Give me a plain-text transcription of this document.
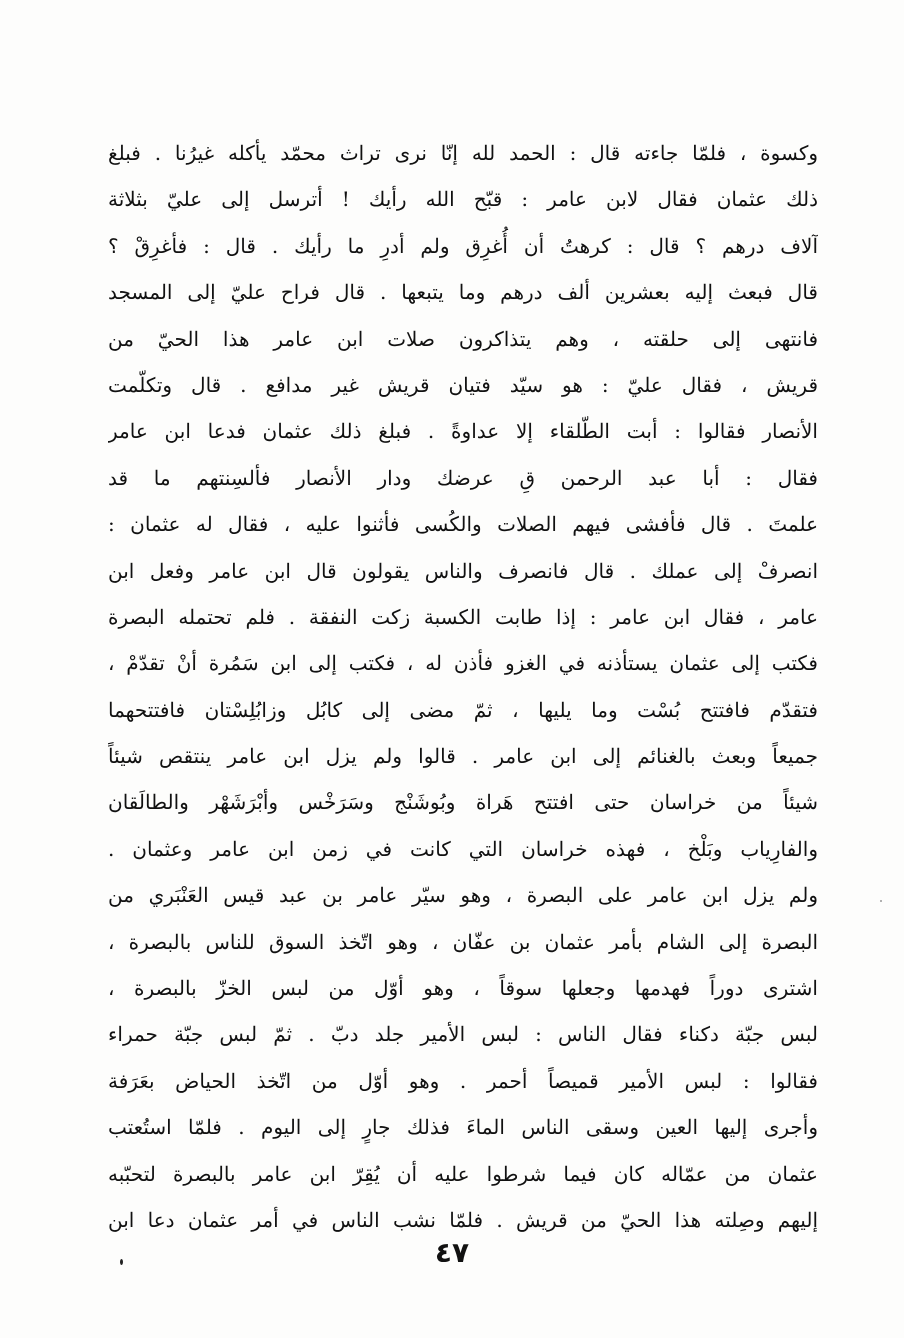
وكسوة ، فلمّا جاءته قال : الحمد لله إنّا نرى تراث محمّد يأكله غيرُنا . فبلغ
ذلك عثمان فقال لابن عامر : قبّح الله رأيك ! أترسل إلى عليّ بثلاثة
آلاف درهم ؟ قال : كرهتُ أن أُغرِق ولم أدرِ ما رأيك . قال : فأغرِقْ ؟
قال فبعث إليه بعشرين ألف درهم وما يتبعها . قال فراح عليّ إلى المسجد
فانتهى إلى حلقته ، وهم يتذاكرون صلات ابن عامر هذا الحيّ من
قريش ، فقال عليّ : هو سيّد فتيان قريش غير مدافع . قال وتكلّمت
الأنصار فقالوا : أبت الطّلقاء إلا عداوةً . فبلغ ذلك عثمان فدعا ابن عامر
فقال : أبا عبد الرحمن قِ عرضك ودار الأنصار فألسِنتهم ما قد
علمتَ . قال فأفشى فيهم الصلات والكُسى فأثنوا عليه ، فقال له عثمان :
انصرفْ إلى عملك . قال فانصرف والناس يقولون قال ابن عامر وفعل ابن
عامر ، فقال ابن عامر : إذا طابت الكسبة زكت النفقة . فلم تحتمله البصرة
فكتب إلى عثمان يستأذنه في الغزو فأذن له ، فكتب إلى ابن سَمُرة أنْ تقدّمْ ،
فتقدّم فافتتح بُسْت وما يليها ، ثمّ مضى إلى كابُل وزابُلِسْتان فافتتحهما
جميعاً وبعث بالغنائم إلى ابن عامر . قالوا ولم يزل ابن عامر ينتقص شيئاً
شيئاً من خراسان حتى افتتح هَراة وبُوشَنْج وسَرَخْس وأبْرَشَهْر والطالَقان
والفارِياب وبَلْخ ، فهذه خراسان التي كانت في زمن ابن عامر وعثمان .
ولم يزل ابن عامر على البصرة ، وهو سيّر عامر بن عبد قيس العَنْبَري من
البصرة إلى الشام بأمر عثمان بن عفّان ، وهو اتّخذ السوق للناس بالبصرة ،
اشترى دوراً فهدمها وجعلها سوقاً ، وهو أوّل من لبس الخزّ بالبصرة ،
لبس جبّة دكناء فقال الناس : لبس الأمير جلد دبّ . ثمّ لبس جبّة حمراء
فقالوا : لبس الأمير قميصاً أحمر . وهو أوّل من اتّخذ الحياض بعَرَفة
وأجرى إليها العين وسقى الناس الماءَ فذلك جارٍ إلى اليوم . فلمّا استُعتب
عثمان من عمّاله كان فيما شرطوا عليه أن يُقِرّ ابن عامر بالبصرة لتحبّبه
إليهم وصِلته هذا الحيّ من قريش . فلمّا نشب الناس في أمر عثمان دعا ابن
٤٧
